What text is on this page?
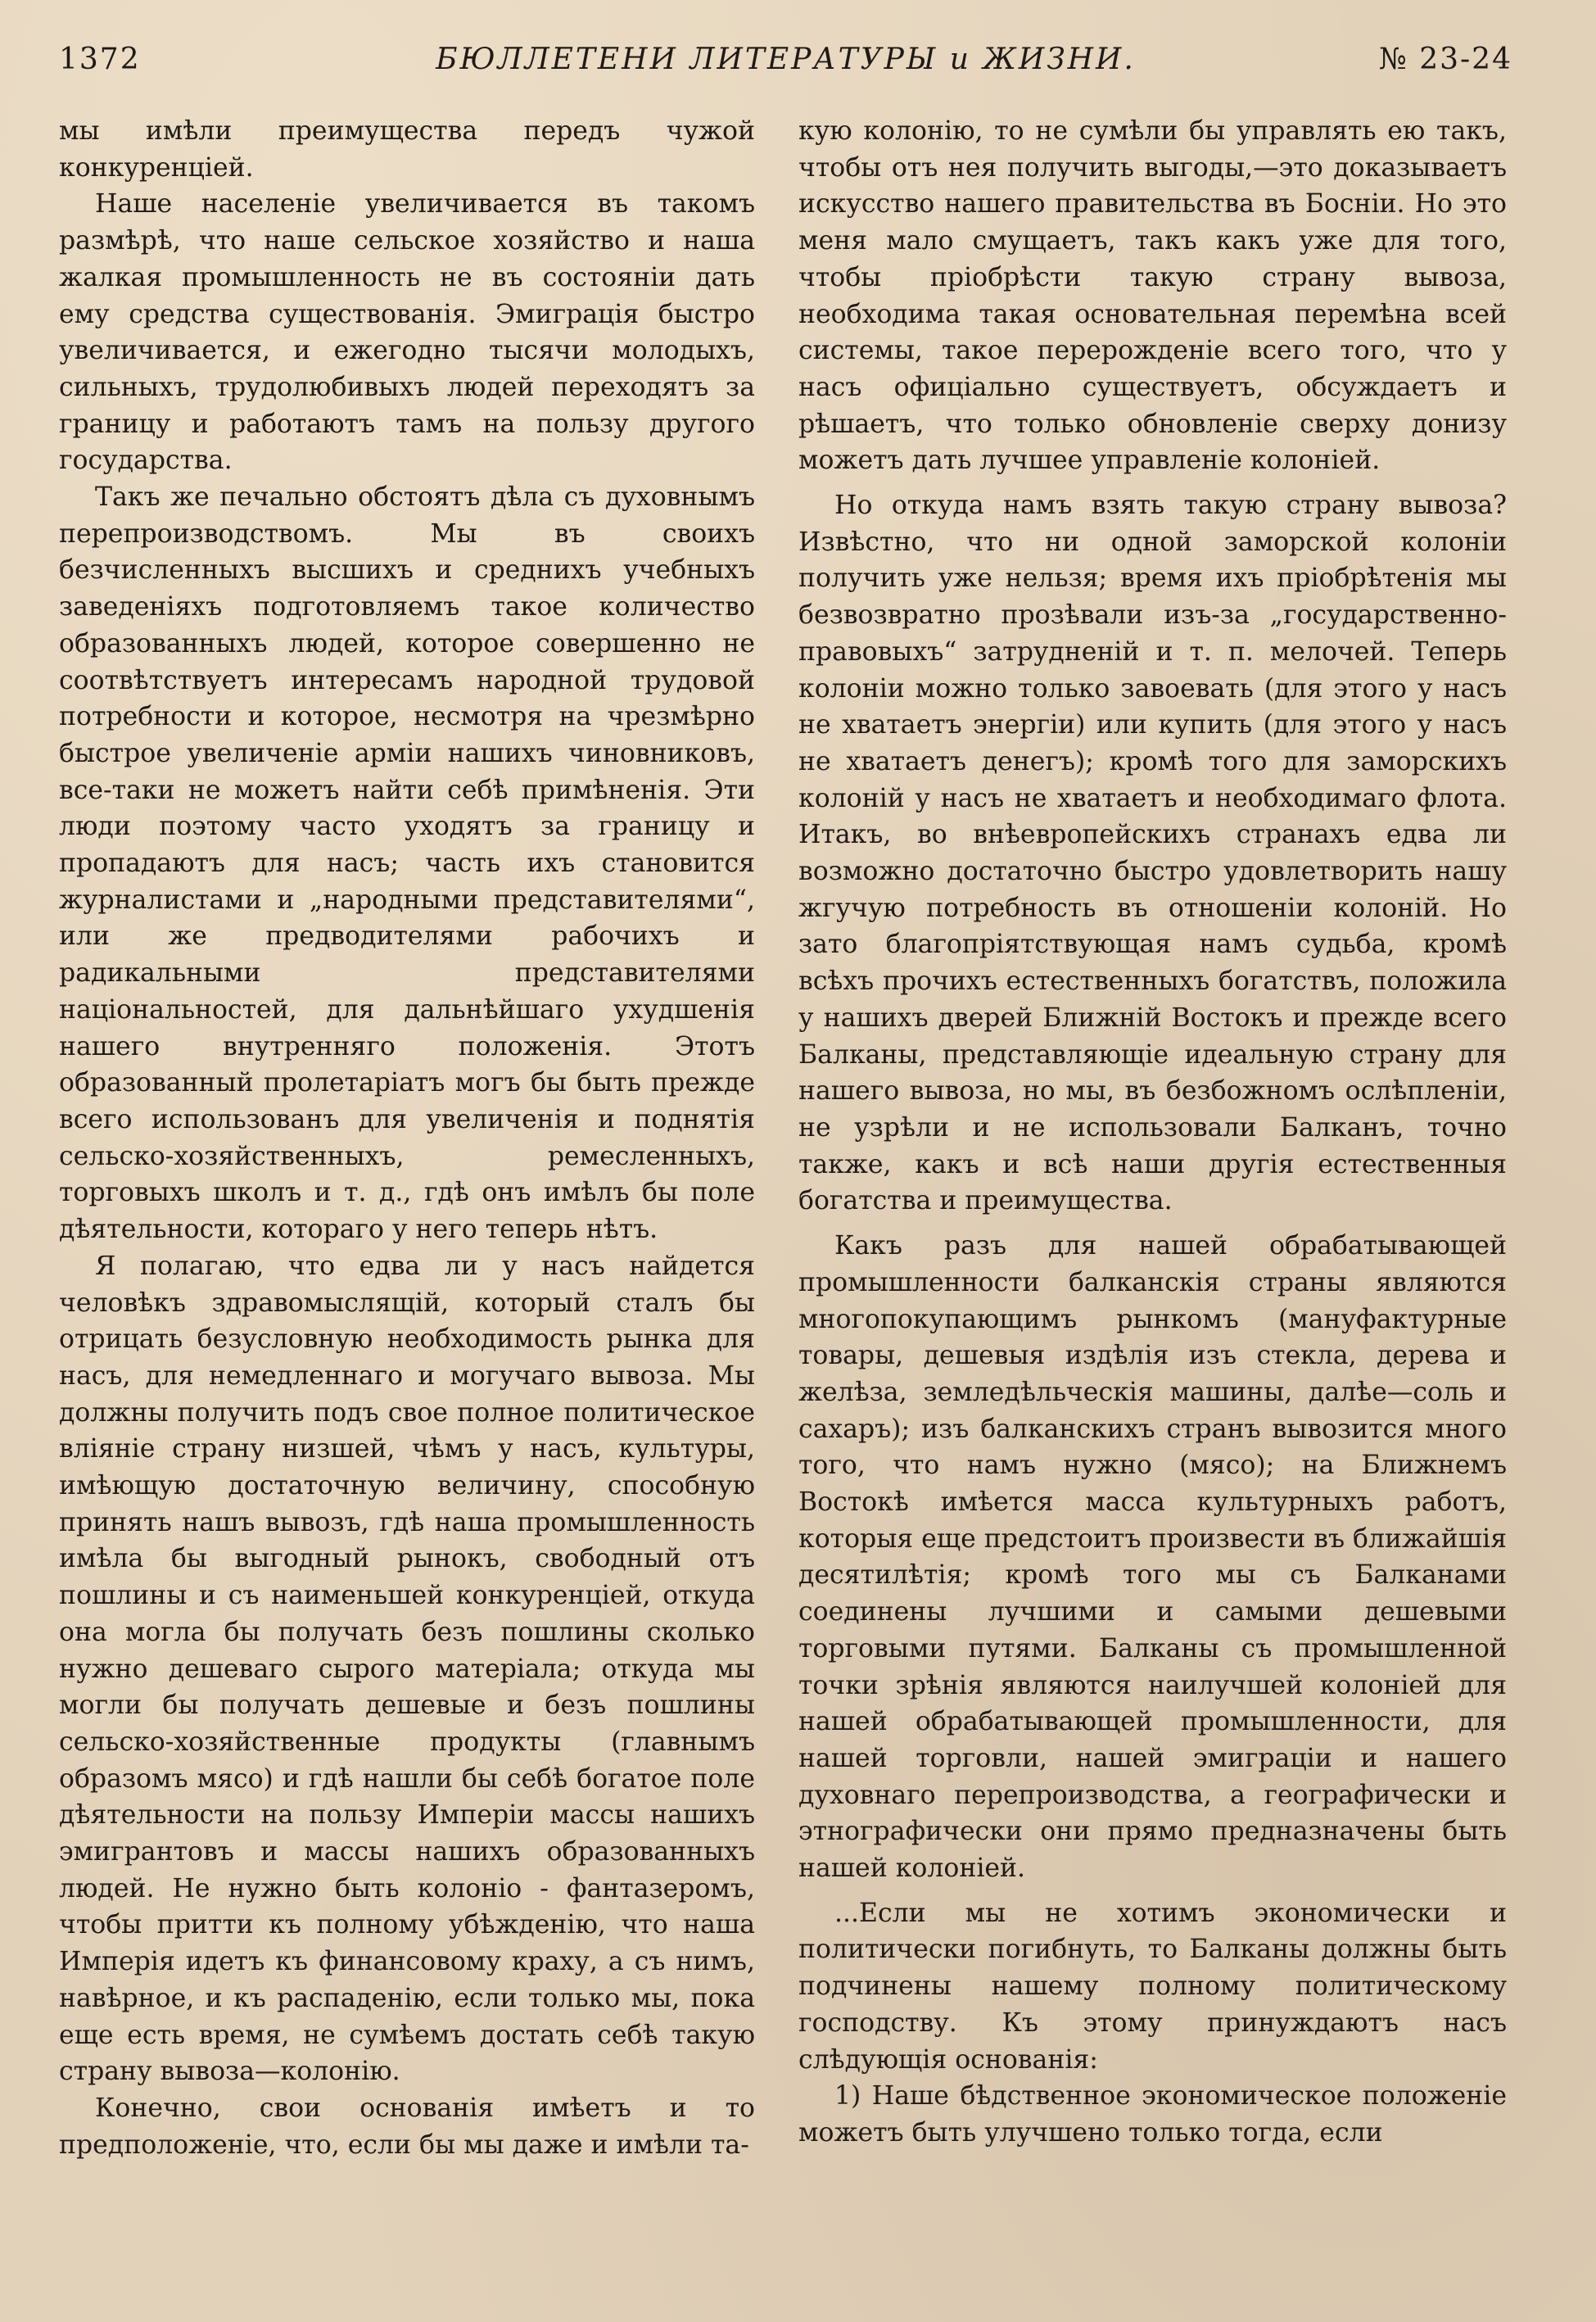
1372	БЮЛЛЕТЕНИ ЛИТЕРАТУРЫ и ЖИЗНИ.	№ 23-24

мы имѣли преимущества передъ чужой конкуренціей.

Наше населеніе увеличивается въ такомъ размѣрѣ, что наше сельское хозяйство и наша жалкая промышленность не въ состояніи дать ему средства существованія. Эмиграція быстро увеличивается, и ежегодно тысячи молодыхъ, сильныхъ, трудолюбивыхъ людей переходятъ за границу и работаютъ тамъ на пользу другого государства.

Такъ же печально обстоятъ дѣла съ духовнымъ перепроизводствомъ. Мы въ своихъ безчисленныхъ высшихъ и среднихъ учебныхъ заведеніяхъ подготовляемъ такое количество образованныхъ людей, которое совершенно не соотвѣтствуетъ интересамъ народной трудовой потребности и которое, несмотря на чрезмѣрно быстрое увеличеніе арміи нашихъ чиновниковъ, все-таки не можетъ найти себѣ примѣненія. Эти люди поэтому часто уходятъ за границу и пропадаютъ для насъ; часть ихъ становится журналистами и „народными представителями“, или же предводителями рабочихъ и радикальными представителями національностей, для дальнѣйшаго ухудшенія нашего внутренняго положенія. Этотъ образованный пролетаріатъ могъ бы быть прежде всего использованъ для увеличенія и поднятія сельско-хозяйственныхъ, ремесленныхъ, торговыхъ школъ и т. д., гдѣ онъ имѣлъ бы поле дѣятельности, котораго у него теперь нѣтъ.

Я полагаю, что едва ли у насъ найдется человѣкъ здравомыслящій, который сталъ бы отрицать безусловную необходимость рынка для насъ, для немедленнаго и могучаго вывоза. Мы должны получить подъ свое полное политическое вліяніе страну низшей, чѣмъ у насъ, культуры, имѣющую достаточную величину, способную принять нашъ вывозъ, гдѣ наша промышленность имѣла бы выгодный рынокъ, свободный отъ пошлины и съ наименьшей конкуренціей, откуда она могла бы получать безъ пошлины сколько нужно дешеваго сырого матеріала; откуда мы могли бы получать дешевые и безъ пошлины сельско-хозяйственные продукты (главнымъ образомъ мясо) и гдѣ нашли бы себѣ богатое поле дѣятельности на пользу Имперіи массы нашихъ эмигрантовъ и массы нашихъ образованныхъ людей. Не нужно быть колоніо - фантазеромъ, чтобы притти къ полному убѣжденію, что наша Имперія идетъ къ финансовому краху, а съ нимъ, навѣрное, и къ распаденію, если только мы, пока еще есть время, не сумѣемъ достать себѣ такую страну вывоза—колонію.

Конечно, свои основанія имѣетъ и то предположеніе, что, если бы мы даже и имѣли та-

кую колонію, то не сумѣли бы управлять ею такъ, чтобы отъ нея получить выгоды,—это доказываетъ искусство нашего правительства въ Босніи. Но это меня мало смущаетъ, такъ какъ уже для того, чтобы пріобрѣсти такую страну вывоза, необходима такая основательная перемѣна всей системы, такое перерожденіе всего того, что у насъ офиціально существуетъ, обсуждаетъ и рѣшаетъ, что только обновленіе сверху донизу можетъ дать лучшее управленіе колоніей.

Но откуда намъ взять такую страну вывоза? Извѣстно, что ни одной заморской колоніи получить уже нельзя; время ихъ пріобрѣтенія мы безвозвратно прозѣвали изъ-за „государственно-правовыхъ“ затрудненій и т. п. мелочей. Теперь колоніи можно только завоевать (для этого у насъ не хватаетъ энергіи) или купить (для этого у насъ не хватаетъ денегъ); кромѣ того для заморскихъ колоній у насъ не хватаетъ и необходимаго флота. Итакъ, во внѣевропейскихъ странахъ едва ли возможно достаточно быстро удовлетворить нашу жгучую потребность въ отношеніи колоній. Но зато благопріятствующая намъ судьба, кромѣ всѣхъ прочихъ естественныхъ богатствъ, положила у нашихъ дверей Ближній Востокъ и прежде всего Балканы, представляющіе идеальную страну для нашего вывоза, но мы, въ безбожномъ ослѣпленіи, не узрѣли и не использовали Балканъ, точно также, какъ и всѣ наши другія естественныя богатства и преимущества.

Какъ разъ для нашей обрабатывающей промышленности балканскія страны являются многопокупающимъ рынкомъ (мануфактурные товары, дешевыя издѣлія изъ стекла, дерева и желѣза, земледѣльческія машины, далѣе—соль и сахаръ); изъ балканскихъ странъ вывозится много того, что намъ нужно (мясо); на Ближнемъ Востокѣ имѣется масса культурныхъ работъ, которыя еще предстоитъ произвести въ ближайшія десятилѣтія; кромѣ того мы съ Балканами соединены лучшими и самыми дешевыми торговыми путями. Балканы съ промышленной точки зрѣнія являются наилучшей колоніей для нашей обрабатывающей промышленности, для нашей торговли, нашей эмиграціи и нашего духовнаго перепроизводства, а географически и этнографически они прямо предназначены быть нашей колоніей.

...Если мы не хотимъ экономически и политически погибнуть, то Балканы должны быть подчинены нашему полному политическому господству. Къ этому принуждаютъ насъ слѣдующія основанія:

1) Наше бѣдственное экономическое положеніе можетъ быть улучшено только тогда, если
